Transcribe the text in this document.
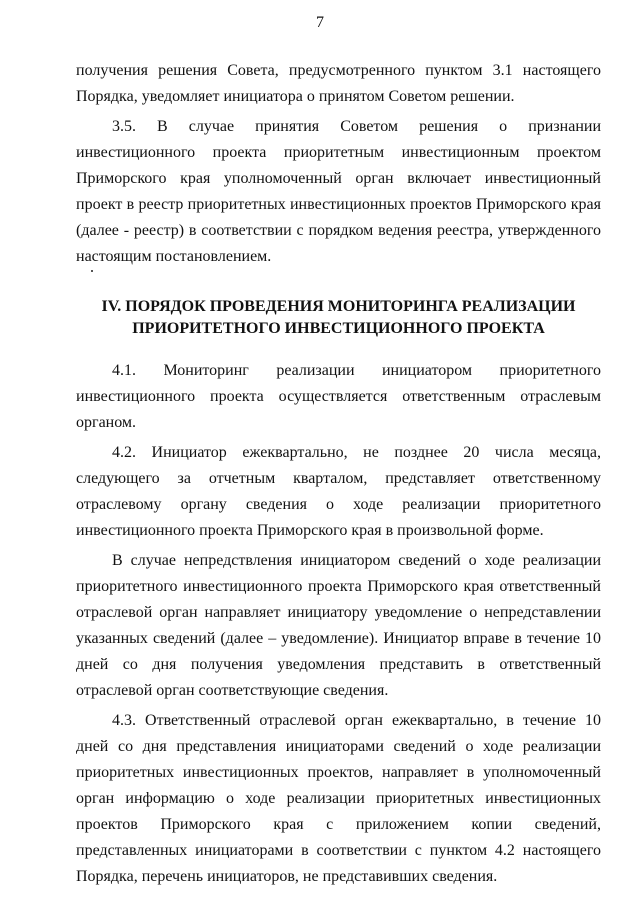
7

получения решения Совета, предусмотренного пунктом 3.1 настоящего Порядка, уведомляет инициатора о принятом Советом решении.

3.5. В случае принятия Советом решения о признании инвестиционного проекта приоритетным инвестиционным проектом Приморского края уполномоченный орган включает инвестиционный проект в реестр приоритетных инвестиционных проектов Приморского края (далее - реестр) в соответствии с порядком ведения реестра, утвержденного настоящим постановлением.

IV. ПОРЯДОК ПРОВЕДЕНИЯ МОНИТОРИНГА РЕАЛИЗАЦИИ ПРИОРИТЕТНОГО ИНВЕСТИЦИОННОГО ПРОЕКТА

4.1. Мониторинг реализации инициатором приоритетного инвестиционного проекта осуществляется ответственным отраслевым органом.

4.2. Инициатор ежеквартально, не позднее 20 числа месяца, следующего за отчетным кварталом, представляет ответственному отраслевому органу сведения о ходе реализации приоритетного инвестиционного проекта Приморского края в произвольной форме.

В случае непредствления инициатором сведений о ходе реализации приоритетного инвестиционного проекта Приморского края ответственный отраслевой орган направляет инициатору уведомление о непредставлении указанных сведений (далее – уведомление). Инициатор вправе в течение 10 дней со дня получения уведомления представить в ответственный отраслевой орган соответствующие сведения.

4.3. Ответственный отраслевой орган ежеквартально, в течение 10 дней со дня представления инициаторами сведений о ходе реализации приоритетных инвестиционных проектов, направляет в уполномоченный орган информацию о ходе реализации приоритетных инвестиционных проектов Приморского края с приложением копии сведений, представленных инициаторами в соответствии с пунктом 4.2 настоящего Порядка, перечень инициаторов, не представивших сведения.
